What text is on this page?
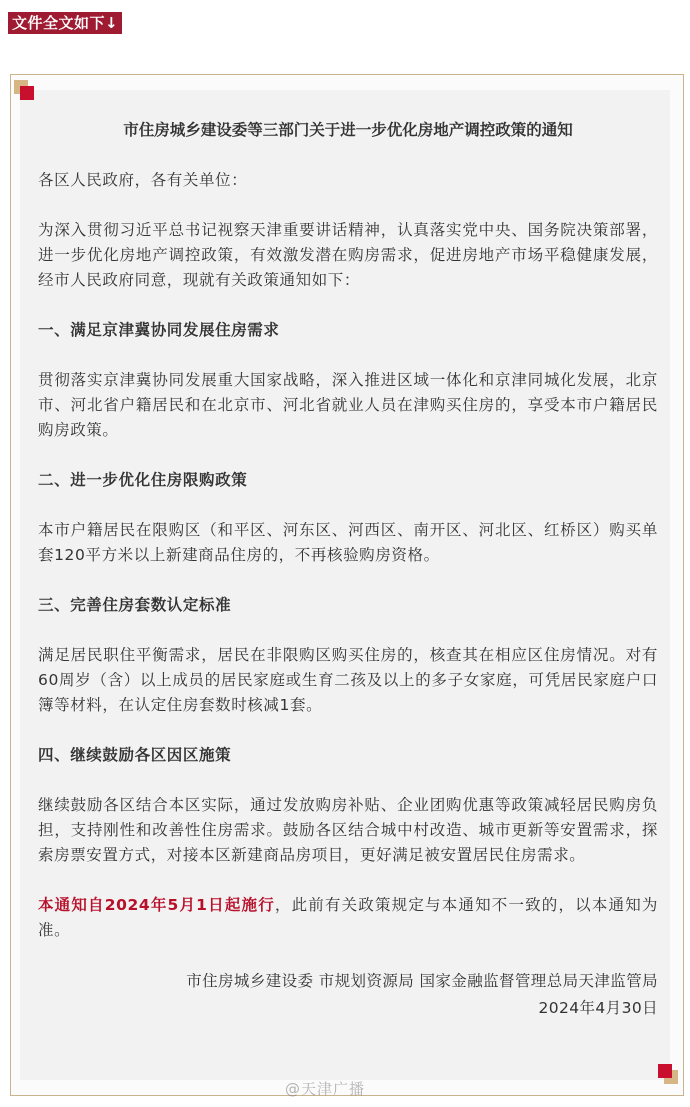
文件全文如下↓
市住房城乡建设委等三部门关于进一步优化房地产调控政策的通知

各区人民政府，各有关单位：

为深入贯彻习近平总书记视察天津重要讲话精神，认真落实党中央、国务院决策部署，进一步优化房地产调控政策，有效激发潜在购房需求，促进房地产市场平稳健康发展，经市人民政府同意，现就有关政策通知如下：

一、满足京津冀协同发展住房需求

贯彻落实京津冀协同发展重大国家战略，深入推进区域一体化和京津同城化发展，北京市、河北省户籍居民和在北京市、河北省就业人员在津购买住房的，享受本市户籍居民购房政策。

二、进一步优化住房限购政策

本市户籍居民在限购区（和平区、河东区、河西区、南开区、河北区、红桥区）购买单套120平方米以上新建商品住房的，不再核验购房资格。

三、完善住房套数认定标准

满足居民职住平衡需求，居民在非限购区购买住房的，核查其在相应区住房情况。对有60周岁（含）以上成员的居民家庭或生育二孩及以上的多子女家庭，可凭居民家庭户口簿等材料，在认定住房套数时核减1套。

四、继续鼓励各区因区施策

继续鼓励各区结合本区实际，通过发放购房补贴、企业团购优惠等政策减轻居民购房负担，支持刚性和改善性住房需求。鼓励各区结合城中村改造、城市更新等安置需求，探索房票安置方式，对接本区新建商品房项目，更好满足被安置居民住房需求。

本通知自2024年5月1日起施行，此前有关政策规定与本通知不一致的，以本通知为准。

市住房城乡建设委 市规划资源局 国家金融监督管理总局天津监管局

2024年4月30日

@天津广播
